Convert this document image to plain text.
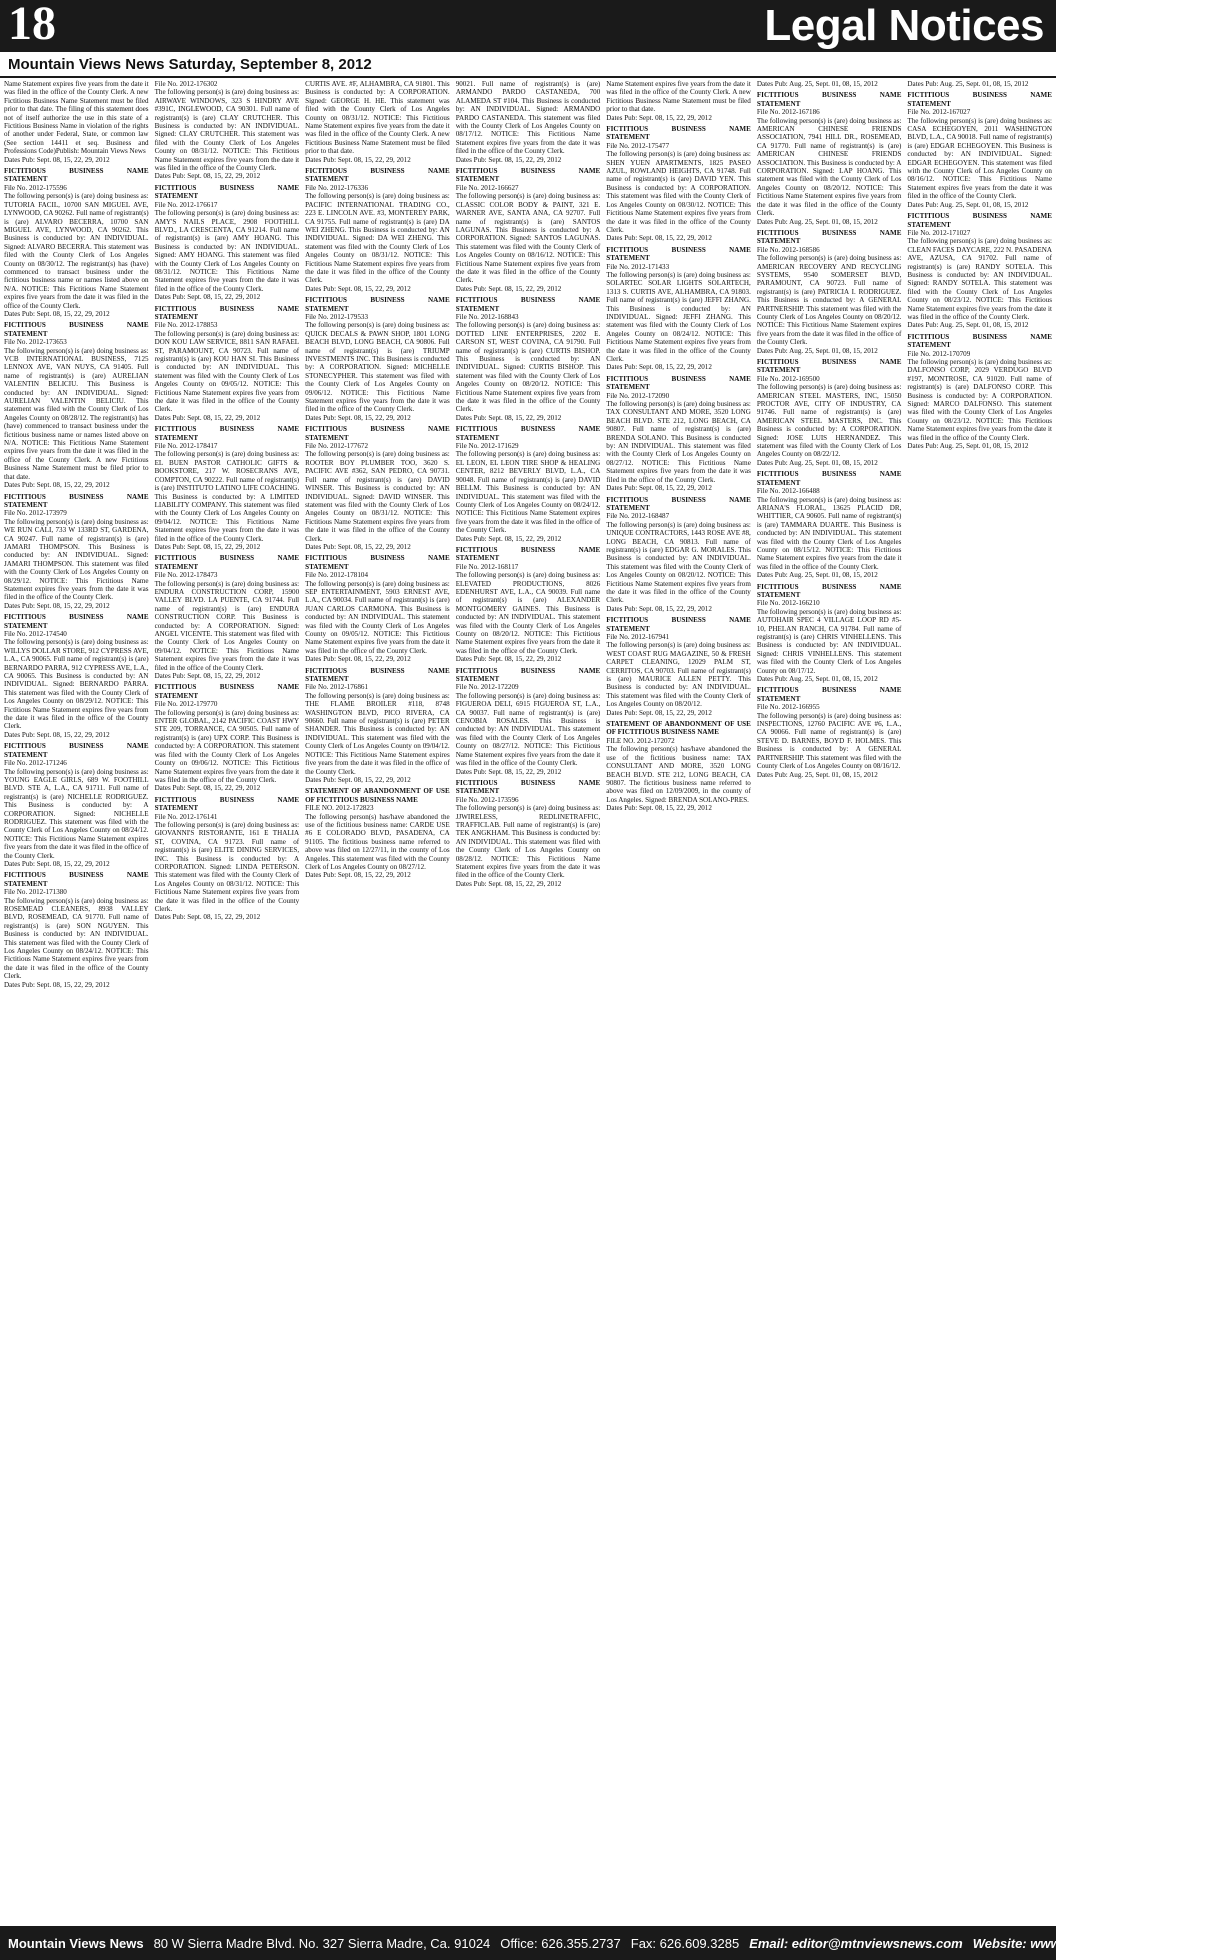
18	Legal Notices
Mountain Views News Saturday, September 8, 2012
Name Statement expires five years from the date it was filed in the office of the County Clerk. A new Fictitious Business Name Statement must be filed prior to that date. The filing of this statement does not of itself authorize the use in this state of a Fictitious Business Name in violation of the rights of another under Federal, State, or common law (See section 14411 et seq. Business and Professions Code)Publish: Mountain Views News
Dates Pub: Sept. 08, 15, 22, 29, 2012
FICTITIOUS BUSINESS NAME STATEMENT
File No. 2012-175596
The following person(s) is (are) doing business as: TUTORIA FACIL, 10700 SAN MIGUEL AVE, LYNWOOD, CA 90262. Full name of registrant(s) is (are) ALVARO BECERRA, 10700 SAN MIGUEL AVE, LYNWOOD, CA 90262. This Business is conducted by: AN INDIVIDUAL. Signed: ALVARO BECERRA. This statement was filed with the County Clerk of Los Angeles County on 08/30/12. The registrant(s) has (have) commenced to transact business under the fictitious business name or names listed above on N/A. NOTICE: This Fictitious Name Statement expires five years from the date it was filed in the office of the County Clerk.
Dates Pub: Sept. 08, 15, 22, 29, 2012
FICTITIOUS BUSINESS NAME STATEMENT
File No. 2012-173653
The following person(s) is (are) doing business as: VCB INTERNATIONAL BUSINESS, 7125 LENNOX AVE, VAN NUYS, CA 91405. Full name of registrant(s) is (are) AURELIAN VALENTIN BELICIU. This Business is conducted by: AN INDIVIDUAL. Signed: AURELIAN VALENTIN BELICIU. This statement was filed with the County Clerk of Los Angeles County on 08/28/12. The registrant(s) has (have) commenced to transact business under the fictitious business name or names listed above on N/A. NOTICE: This Fictitious Name Statement expires five years from the date it was filed in the office of the County Clerk. A new Fictitious Business Name Statement must be filed prior to that date.
Dates Pub: Sept. 08, 15, 22, 29, 2012
FICTITIOUS BUSINESS NAME STATEMENT
File No. 2012-173979
The following person(s) is (are) doing business as: WE RUN CALI, 733 W 133RD ST, GARDENA, CA 90247. Full name of registrant(s) is (are) JAMARI THOMPSON. This Business is conducted by: AN INDIVIDUAL. Signed: JAMARI THOMPSON. This statement was filed with the County Clerk of Los Angeles County on 08/29/12. NOTICE: This Fictitious Name Statement expires five years from the date it was filed in the office of the County Clerk.
Dates Pub: Sept. 08, 15, 22, 29, 2012
FICTITIOUS BUSINESS NAME STATEMENT
File No. 2012-174540
The following person(s) is (are) doing business as: WILLYS DOLLAR STORE, 912 CYPRESS AVE, L.A., CA 90065. Full name of registrant(s) is (are) BERNARDO PARRA, 912 CYPRESS AVE, L.A., CA 90065. This Business is conducted by: AN INDIVIDUAL. Signed: BERNARDO PARRA. This statement was filed with the County Clerk of Los Angeles County on 08/29/12. NOTICE: This Fictitious Name Statement expires five years from the date it was filed in the office of the County Clerk.
Dates Pub: Sept. 08, 15, 22, 29, 2012
FICTITIOUS BUSINESS NAME STATEMENT
File No. 2012-171246
The following person(s) is (are) doing business as: YOUNG EAGLE GIRLS, 689 W. FOOTHILL BLVD. STE A, L.A., CA 91711. Full name of registrant(s) is (are) NICHELLE RODRIGUEZ. This Business is conducted by: A CORPORATION. Signed: NICHELLE RODRIGUEZ. This statement was filed with the County Clerk of Los Angeles County on 08/24/12. NOTICE: This Fictitious Name Statement expires five years from the date it was filed in the office of the County Clerk.
Dates Pub: Sept. 08, 15, 22, 29, 2012
FICTITIOUS BUSINESS NAME STATEMENT
File No. 2012-171380
The following person(s) is (are) doing business as: ROSEMEAD CLEANERS, 8938 VALLEY BLVD, ROSEMEAD, CA 91770. Full name of registrant(s) is (are) SON NGUYEN. This Business is conducted by: AN INDIVIDUAL. This statement was filed with the County Clerk of Los Angeles County on 08/24/12. NOTICE: This Fictitious Name Statement expires five years from the date it was filed in the office of the County Clerk.
Dates Pub: Sept. 08, 15, 22, 29, 2012
File No. 2012-176302
The following person(s) is (are) doing business as: AIRWAVE WINDOWS, 323 S HINDRY AVE #391C, INGLEWOOD, CA 90301. Full name of registrant(s) is (are) CLAY CRUTCHER. This Business is conducted by: AN INDIVIDUAL. Signed: CLAY CRUTCHER. This statement was filed with the County Clerk of Los Angeles County on 08/31/12. NOTICE: This Fictitious Name Statement expires five years from the date it was filed in the office of the County Clerk.
Dates Pub: Sept. 08, 15, 22, 29, 2012
FICTITIOUS BUSINESS NAME STATEMENT
File No. 2012-176617
The following person(s) is (are) doing business as: AMY'S NAILS PLACE, 2908 FOOTHILL BLVD., LA CRESCENTA, CA 91214. Full name of registrant(s) is (are) AMY HOANG. This Business is conducted by: AN INDIVIDUAL. Signed: AMY HOANG. This statement was filed with the County Clerk of Los Angeles County on 08/31/12. NOTICE: This Fictitious Name Statement expires five years from the date it was filed in the office of the County Clerk.
Dates Pub: Sept. 08, 15, 22, 29, 2012
FICTITIOUS BUSINESS NAME STATEMENT
File No. 2012-178853
The following person(s) is (are) doing business as: DON KOU LAW SERVICE, 8811 SAN RAFAEL ST, PARAMOUNT, CA 90723. Full name of registrant(s) is (are) KOU HAN SI. This Business is conducted by: AN INDIVIDUAL. This statement was filed with the County Clerk of Los Angeles County on 09/05/12. NOTICE: This Fictitious Name Statement expires five years from the date it was filed in the office of the County Clerk.
Dates Pub: Sept. 08, 15, 22, 29, 2012
FICTITIOUS BUSINESS NAME STATEMENT
File No. 2012-178417
The following person(s) is (are) doing business as: EL BUEN PASTOR CATHOLIC GIFTS & BOOKSTORE, 217 W. ROSECRANS AVE, COMPTON, CA 90222. Full name of registrant(s) is (are) INSTITUTO LATINO LIFE COACHING. This Business is conducted by: A LIMITED LIABILITY COMPANY. This statement was filed with the County Clerk of Los Angeles County on 09/04/12. NOTICE: This Fictitious Name Statement expires five years from the date it was filed in the office of the County Clerk.
Dates Pub: Sept. 08, 15, 22, 29, 2012
FICTITIOUS BUSINESS NAME STATEMENT
File No. 2012-178473
The following person(s) is (are) doing business as: ENDURA CONSTRUCTION CORP, 15900 VALLEY BLVD. LA PUENTE, CA 91744. Full name of registrant(s) is (are) ENDURA CONSTRUCTION CORP. This Business is conducted by: A CORPORATION. Signed: ANGEL VICENTE. This statement was filed with the County Clerk of Los Angeles County on 09/04/12. NOTICE: This Fictitious Name Statement expires five years from the date it was filed in the office of the County Clerk.
Dates Pub: Sept. 08, 15, 22, 29, 2012
FICTITIOUS BUSINESS NAME STATEMENT
File No. 2012-179770
The following person(s) is (are) doing business as: ENTER GLOBAL, 2142 PACIFIC COAST HWY STE 209, TORRANCE, CA 90505. Full name of registrant(s) is (are) UPX CORP. This Business is conducted by: A CORPORATION. This statement was filed with the County Clerk of Los Angeles County on 09/06/12. NOTICE: This Fictitious Name Statement expires five years from the date it was filed in the office of the County Clerk.
Dates Pub: Sept. 08, 15, 22, 29, 2012
FICTITIOUS BUSINESS NAME STATEMENT
File No. 2012-176141
The following person(s) is (are) doing business as: GIOVANNI'S RISTORANTE, 161 E THALIA ST, COVINA, CA 91723. Full name of registrant(s) is (are) ELITE DINING SERVICES, INC. This Business is conducted by: A CORPORATION. Signed: LINDA PETERSON. This statement was filed with the County Clerk of Los Angeles County on 08/31/12. NOTICE: This Fictitious Name Statement expires five years from the date it was filed in the office of the County Clerk.
Dates Pub: Sept. 08, 15, 22, 29, 2012
CURTIS AVE. #F, ALHAMBRA, CA 91801. This Business is conducted by: A CORPORATION. Signed: GEORGE H. HE. This statement was filed with the County Clerk of Los Angeles County on 08/31/12. NOTICE: This Fictitious Name Statement expires five years from the date it was filed in the office of the County Clerk. A new Fictitious Business Name Statement must be filed prior to that date.
Dates Pub: Sept. 08, 15, 22, 29, 2012
FICTITIOUS BUSINESS NAME STATEMENT
File No. 2012-176336
The following person(s) is (are) doing business as: PACIFIC INTERNATIONAL TRADING CO., 223 E. LINCOLN AVE. #3, MONTEREY PARK, CA 91755. Full name of registrant(s) is (are) DA WEI ZHENG. This Business is conducted by: AN INDIVIDUAL. Signed: DA WEI ZHENG. This statement was filed with the County Clerk of Los Angeles County on 08/31/12. NOTICE: This Fictitious Name Statement expires five years from the date it was filed in the office of the County Clerk.
Dates Pub: Sept. 08, 15, 22, 29, 2012
FICTITIOUS BUSINESS NAME STATEMENT
File No. 2012-179533
The following person(s) is (are) doing business as: QUICK DECALS & PAWN SHOP, 1801 LONG BEACH BLVD, LONG BEACH, CA 90806. Full name of registrant(s) is (are) TRIUMP INVESTMENTS INC. This Business is conducted by: A CORPORATION. Signed: MICHELLE STONECYPHER. This statement was filed with the County Clerk of Los Angeles County on 09/06/12. NOTICE: This Fictitious Name Statement expires five years from the date it was filed in the office of the County Clerk.
Dates Pub: Sept. 08, 15, 22, 29, 2012
FICTITIOUS BUSINESS NAME STATEMENT
File No. 2012-177672
The following person(s) is (are) doing business as: ROOTER BOY PLUMBER TOO, 3620 S. PACIFIC AVE #362, SAN PEDRO, CA 90731. Full name of registrant(s) is (are) DAVID WINSER. This Business is conducted by: AN INDIVIDUAL. Signed: DAVID WINSER. This statement was filed with the County Clerk of Los Angeles County on 08/31/12. NOTICE: This Fictitious Name Statement expires five years from the date it was filed in the office of the County Clerk.
Dates Pub: Sept. 08, 15, 22, 29, 2012
FICTITIOUS BUSINESS NAME STATEMENT
File No. 2012-178104
The following person(s) is (are) doing business as: SEP ENTERTAINMENT, 5903 ERNEST AVE, L.A., CA 90034. Full name of registrant(s) is (are) JUAN CARLOS CARMONA. This Business is conducted by: AN INDIVIDUAL. This statement was filed with the County Clerk of Los Angeles County on 09/05/12. NOTICE: This Fictitious Name Statement expires five years from the date it was filed in the office of the County Clerk.
Dates Pub: Sept. 08, 15, 22, 29, 2012
FICTITIOUS BUSINESS NAME STATEMENT
File No. 2012-176861
The following person(s) is (are) doing business as: THE FLAME BROILER #118, 8748 WASHINGTON BLVD, PICO RIVERA, CA 90660. Full name of registrant(s) is (are) PETER SHANDER. This Business is conducted by: AN INDIVIDUAL. This statement was filed with the County Clerk of Los Angeles County on 09/04/12. NOTICE: This Fictitious Name Statement expires five years from the date it was filed in the office of the County Clerk.
Dates Pub: Sept. 08, 15, 22, 29, 2012
STATEMENT OF ABANDONMENT OF USE OF FICTITIOUS BUSINESS NAME
FILE NO. 2012-172823
The following person(s) has/have abandoned the use of the fictitious business name: CARDE USE #6 E COLORADO BLVD, PASADENA, CA 91105. The fictitious business name referred to above was filed on 12/27/11, in the county of Los Angeles. This statement was filed with the County Clerk of Los Angeles County on 08/27/12.
Dates Pub: Sept. 08, 15, 22, 29, 2012
90021. Full name of registrant(s) is (are) ARMANDO PARDO CASTANEDA, 700 ALAMEDA ST #104. This Business is conducted by: AN INDIVIDUAL. Signed: ARMANDO PARDO CASTANEDA. This statement was filed with the County Clerk of Los Angeles County on 08/17/12. NOTICE: This Fictitious Name Statement expires five years from the date it was filed in the office of the County Clerk.
Dates Pub: Sept. 08, 15, 22, 29, 2012
FICTITIOUS BUSINESS NAME STATEMENT
File No. 2012-166627
The following person(s) is (are) doing business as: CLASSIC COLOR BODY & PAINT, 321 E. WARNER AVE, SANTA ANA, CA 92707. Full name of registrant(s) is (are) SANTOS LAGUNAS. This Business is conducted by: A CORPORATION. Signed: SANTOS LAGUNAS. This statement was filed with the County Clerk of Los Angeles County on 08/16/12. NOTICE: This Fictitious Name Statement expires five years from the date it was filed in the office of the County Clerk.
Dates Pub: Sept. 08, 15, 22, 29, 2012
FICTITIOUS BUSINESS NAME STATEMENT
File No. 2012-168843
The following person(s) is (are) doing business as: DOTTED LINE ENTERPRISES, 2202 E. CARSON ST, WEST COVINA, CA 91790. Full name of registrant(s) is (are) CURTIS BISHOP. This Business is conducted by: AN INDIVIDUAL. Signed: CURTIS BISHOP. This statement was filed with the County Clerk of Los Angeles County on 08/20/12. NOTICE: This Fictitious Name Statement expires five years from the date it was filed in the office of the County Clerk.
Dates Pub: Sept. 08, 15, 22, 29, 2012
FICTITIOUS BUSINESS NAME STATEMENT
File No. 2012-171629
The following person(s) is (are) doing business as: EL LEON, EL LEON TIRE SHOP & HEALING CENTER, 8212 BEVERLY BLVD, L.A., CA 90048. Full name of registrant(s) is (are) DAVID BELLM. This Business is conducted by: AN INDIVIDUAL. This statement was filed with the County Clerk of Los Angeles County on 08/24/12. NOTICE: This Fictitious Name Statement expires five years from the date it was filed in the office of the County Clerk.
Dates Pub: Sept. 08, 15, 22, 29, 2012
FICTITIOUS BUSINESS NAME STATEMENT
File No. 2012-168117
The following person(s) is (are) doing business as: ELEVATED PRODUCTIONS, 8026 EDENHURST AVE, L.A., CA 90039. Full name of registrant(s) is (are) ALEXANDER MONTGOMERY GAINES. This Business is conducted by: AN INDIVIDUAL. This statement was filed with the County Clerk of Los Angeles County on 08/20/12. NOTICE: This Fictitious Name Statement expires five years from the date it was filed in the office of the County Clerk.
Dates Pub: Sept. 08, 15, 22, 29, 2012
FICTITIOUS BUSINESS NAME STATEMENT
File No. 2012-172209
The following person(s) is (are) doing business as: FIGUEROA DELI, 6915 FIGUEROA ST, L.A., CA 90037. Full name of registrant(s) is (are) CENOBIA ROSALES. This Business is conducted by: AN INDIVIDUAL. This statement was filed with the County Clerk of Los Angeles County on 08/27/12. NOTICE: This Fictitious Name Statement expires five years from the date it was filed in the office of the County Clerk.
Dates Pub: Sept. 08, 15, 22, 29, 2012
FICTITIOUS BUSINESS NAME STATEMENT
File No. 2012-173596
The following person(s) is (are) doing business as: JJWIRELESS, REDLINETRAFFIC, TRAFFICLAB. Full name of registrant(s) is (are) TEK ANGKHAM. This Business is conducted by: AN INDIVIDUAL. This statement was filed with the County Clerk of Los Angeles County on 08/28/12. NOTICE: This Fictitious Name Statement expires five years from the date it was filed in the office of the County Clerk.
Dates Pub: Sept. 08, 15, 22, 29, 2012
Name Statement expires five years from the date it was filed in the office of the County Clerk. A new Fictitious Business Name Statement must be filed prior to that date.
Dates Pub: Sept. 08, 15, 22, 29, 2012
FICTITIOUS BUSINESS NAME STATEMENT
File No. 2012-175477
The following person(s) is (are) doing business as: SHEN YUEN APARTMENTS, 1825 PASEO AZUL, ROWLAND HEIGHTS, CA 91748. Full name of registrant(s) is (are) DAVID YEN. This Business is conducted by: A CORPORATION. This statement was filed with the County Clerk of Los Angeles County on 08/30/12. NOTICE: This Fictitious Name Statement expires five years from the date it was filed in the office of the County Clerk.
Dates Pub: Sept. 08, 15, 22, 29, 2012
FICTITIOUS BUSINESS NAME STATEMENT
File No. 2012-171433
The following person(s) is (are) doing business as: SOLARTEC SOLAR LIGHTS SOLARTECH, 1313 S. CURTIS AVE, ALHAMBRA, CA 91803. Full name of registrant(s) is (are) JEFFI ZHANG. This Business is conducted by: AN INDIVIDUAL. Signed: JEFFI ZHANG. This statement was filed with the County Clerk of Los Angeles County on 08/24/12. NOTICE: This Fictitious Name Statement expires five years from the date it was filed in the office of the County Clerk.
Dates Pub: Sept. 08, 15, 22, 29, 2012
FICTITIOUS BUSINESS NAME STATEMENT
File No. 2012-172090
The following person(s) is (are) doing business as: TAX CONSULTANT AND MORE, 3520 LONG BEACH BLVD. STE 212, LONG BEACH, CA 90807. Full name of registrant(s) is (are) BRENDA SOLANO. This Business is conducted by: AN INDIVIDUAL. This statement was filed with the County Clerk of Los Angeles County on 08/27/12. NOTICE: This Fictitious Name Statement expires five years from the date it was filed in the office of the County Clerk.
Dates Pub: Sept. 08, 15, 22, 29, 2012
FICTITIOUS BUSINESS NAME STATEMENT
File No. 2012-168487
The following person(s) is (are) doing business as: UNIQUE CONTRACTORS, 1443 ROSE AVE #8, LONG BEACH, CA 90813. Full name of registrant(s) is (are) EDGAR G. MORALES. This Business is conducted by: AN INDIVIDUAL. This statement was filed with the County Clerk of Los Angeles County on 08/20/12. NOTICE: This Fictitious Name Statement expires five years from the date it was filed in the office of the County Clerk.
Dates Pub: Sept. 08, 15, 22, 29, 2012
FICTITIOUS BUSINESS NAME STATEMENT
File No. 2012-167941
The following person(s) is (are) doing business as: WEST COAST RUG MAGAZINE, 50 & FRESH CARPET CLEANING, 12029 PALM ST, CERRITOS, CA 90703. Full name of registrant(s) is (are) MAURICE ALLEN PETTY. This Business is conducted by: AN INDIVIDUAL. This statement was filed with the County Clerk of Los Angeles County on 08/20/12.
Dates Pub: Sept. 08, 15, 22, 29, 2012
STATEMENT OF ABANDONMENT OF USE OF FICTITIOUS BUSINESS NAME
FILE NO. 2012-172072
The following person(s) has/have abandoned the use of the fictitious business name: TAX CONSULTANT AND MORE, 3520 LONG BEACH BLVD. STE 212, LONG BEACH, CA 90807. The fictitious business name referred to above was filed on 12/09/2009, in the county of Los Angeles. Signed: BRENDA SOLANO-PRES.
Dates Pub: Sept. 08, 15, 22, 29, 2012
Dates Pub: Aug. 25, Sept. 01, 08, 15, 2012
FICTITIOUS BUSINESS NAME STATEMENT
File No. 2012-167186
The following person(s) is (are) doing business as: AMERICAN CHINESE FRIENDS ASSOCIATION, 7941 HILL DR., ROSEMEAD, CA 91770. Full name of registrant(s) is (are) AMERICAN CHINESE FRIENDS ASSOCIATION. This Business is conducted by: A CORPORATION. Signed: LAP HOANG. This statement was filed with the County Clerk of Los Angeles County on 08/20/12. NOTICE: This Fictitious Name Statement expires five years from the date it was filed in the office of the County Clerk.
Dates Pub: Aug. 25, Sept. 01, 08, 15, 2012
FICTITIOUS BUSINESS NAME STATEMENT
File No. 2012-168586
The following person(s) is (are) doing business as: AMERICAN RECOVERY AND RECYCLING SYSTEMS, 9540 SOMERSET BLVD, PARAMOUNT, CA 90723. Full name of registrant(s) is (are) PATRICIA I. RODRIGUEZ. This Business is conducted by: A GENERAL PARTNERSHIP. This statement was filed with the County Clerk of Los Angeles County on 08/20/12. NOTICE: This Fictitious Name Statement expires five years from the date it was filed in the office of the County Clerk.
Dates Pub: Aug. 25, Sept. 01, 08, 15, 2012
FICTITIOUS BUSINESS NAME STATEMENT
File No. 2012-169500
The following person(s) is (are) doing business as: AMERICAN STEEL MASTERS, INC, 15050 PROCTOR AVE, CITY OF INDUSTRY, CA 91746. Full name of registrant(s) is (are) AMERICAN STEEL MASTERS, INC. This Business is conducted by: A CORPORATION. Signed: JOSE LUIS HERNANDEZ. This statement was filed with the County Clerk of Los Angeles County on 08/22/12.
Dates Pub: Aug. 25, Sept. 01, 08, 15, 2012
FICTITIOUS BUSINESS NAME STATEMENT
File No. 2012-166488
The following person(s) is (are) doing business as: ARIANA'S FLORAL, 13625 PLACID DR, WHITTIER, CA 90605. Full name of registrant(s) is (are) TAMMARA DUARTE. This Business is conducted by: AN INDIVIDUAL. This statement was filed with the County Clerk of Los Angeles County on 08/15/12. NOTICE: This Fictitious Name Statement expires five years from the date it was filed in the office of the County Clerk.
Dates Pub: Aug. 25, Sept. 01, 08, 15, 2012
FICTITIOUS BUSINESS NAME STATEMENT
File No. 2012-166210
The following person(s) is (are) doing business as: AUTOHAIR SPEC 4 VILLAGE LOOP RD #5-10, PHELAN RANCH, CA 91784. Full name of registrant(s) is (are) CHRIS VINHELLENS. This Business is conducted by: AN INDIVIDUAL. Signed: CHRIS VINHELLENS. This statement was filed with the County Clerk of Los Angeles County on 08/17/12.
Dates Pub: Aug. 25, Sept. 01, 08, 15, 2012
FICTITIOUS BUSINESS NAME STATEMENT
File No. 2012-166955
The following person(s) is (are) doing business as: INSPECTIONS, 12760 PACIFIC AVE #6, L.A., CA 90066. Full name of registrant(s) is (are) STEVE D. BARNES, BOYD F. HOLMES. This Business is conducted by: A GENERAL PARTNERSHIP. This statement was filed with the County Clerk of Los Angeles County on 08/16/12.
Dates Pub: Aug. 25, Sept. 01, 08, 15, 2012
Dates Pub: Aug. 25, Sept. 01, 08, 15, 2012
FICTITIOUS BUSINESS NAME STATEMENT
File No. 2012-167027
The following person(s) is (are) doing business as: CASA ECHEGOYEN, 2011 WASHINGTON BLVD, L.A., CA 90018. Full name of registrant(s) is (are) EDGAR ECHEGOYEN. This Business is conducted by: AN INDIVIDUAL. Signed: EDGAR ECHEGOYEN. This statement was filed with the County Clerk of Los Angeles County on 08/16/12. NOTICE: This Fictitious Name Statement expires five years from the date it was filed in the office of the County Clerk.
Dates Pub: Aug. 25, Sept. 01, 08, 15, 2012
FICTITIOUS BUSINESS NAME STATEMENT
File No. 2012-171027
The following person(s) is (are) doing business as: CLEAN FACES DAYCARE, 222 N. PASADENA AVE, AZUSA, CA 91702. Full name of registrant(s) is (are) RANDY SOTELA. This Business is conducted by: AN INDIVIDUAL. Signed: RANDY SOTELA. This statement was filed with the County Clerk of Los Angeles County on 08/23/12. NOTICE: This Fictitious Name Statement expires five years from the date it was filed in the office of the County Clerk.
Dates Pub: Aug. 25, Sept. 01, 08, 15, 2012
FICTITIOUS BUSINESS NAME STATEMENT
File No. 2012-170709
The following person(s) is (are) doing business as: DALFONSO CORP, 2029 VERDUGO BLVD #197, MONTROSE, CA 91020. Full name of registrant(s) is (are) DALFONSO CORP. This Business is conducted by: A CORPORATION. Signed: MARCO DALFONSO. This statement was filed with the County Clerk of Los Angeles County on 08/23/12. NOTICE: This Fictitious Name Statement expires five years from the date it was filed in the office of the County Clerk.
Dates Pub: Aug. 25, Sept. 01, 08, 15, 2012
Mountain Views News 80 W Sierra Madre Blvd. No. 327 Sierra Madre, Ca. 91024 Office: 626.355.2737 Fax: 626.609.3285 Email: editor@mtnviewsnews.com Website: www.mountainviewsnews.com
